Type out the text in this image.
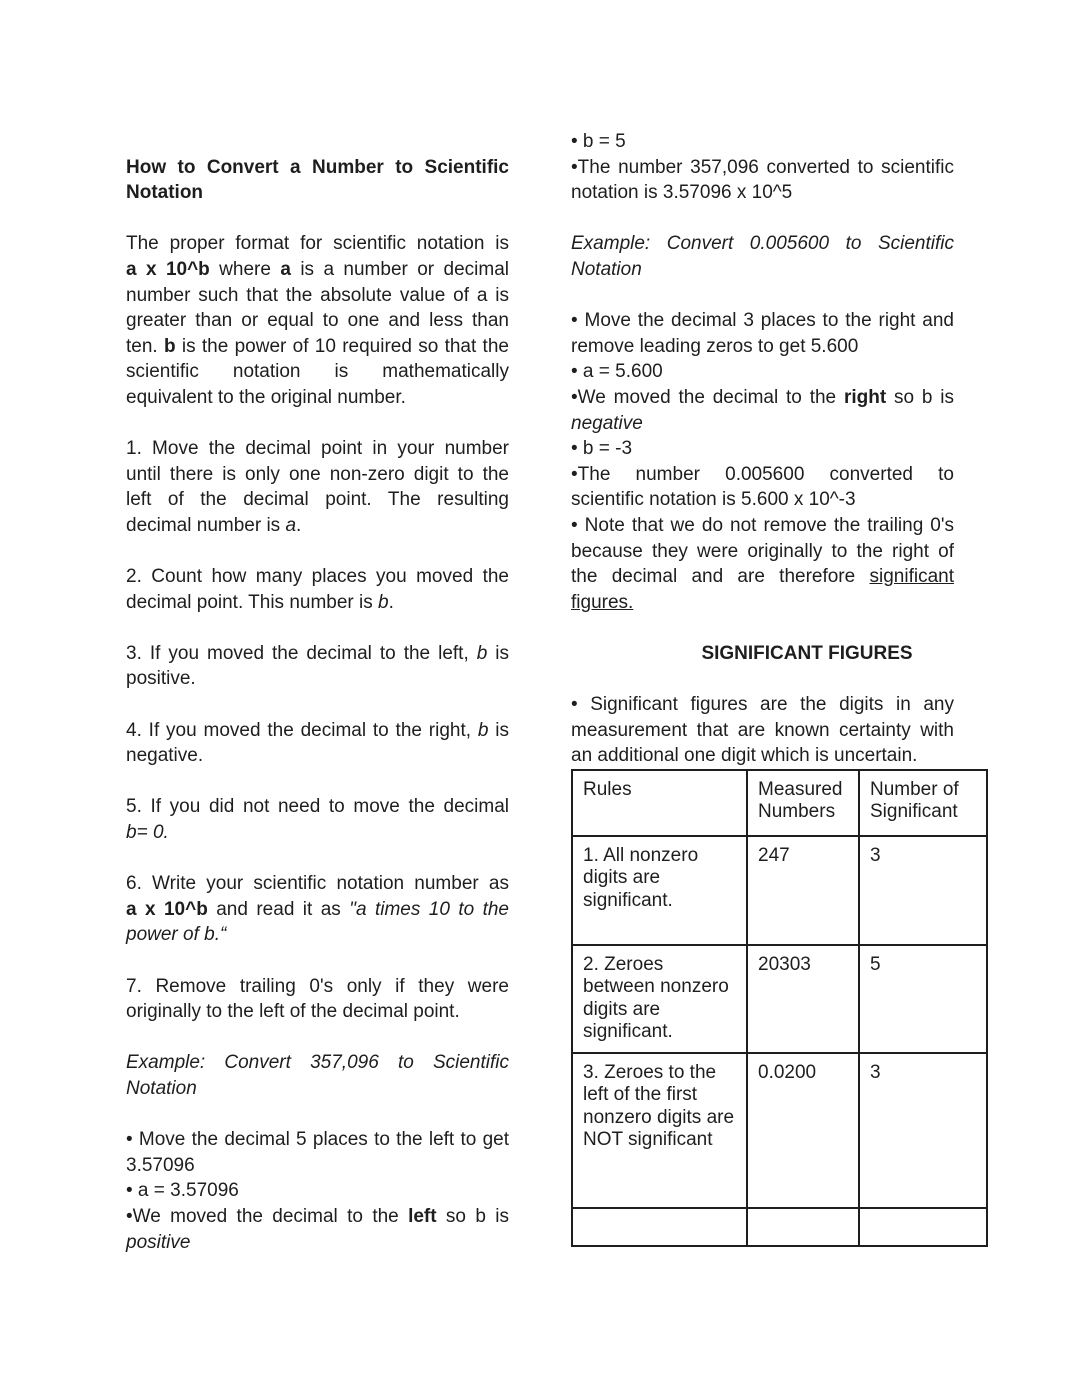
How to Convert a Number to Scientific
Notation
The proper format for scientific notation is
a x 10^b where a is a number or decimal
number such that the absolute value of a is
greater than or equal to one and less than
ten. b is the power of 10 required so that the
scientific notation is mathematically
equivalent to the original number.
1. Move the decimal point in your number
until there is only one non-zero digit to the
left of the decimal point. The resulting
decimal number is a.
2. Count how many places you moved the
decimal point. This number is b.
3. If you moved the decimal to the left, b is
positive.
4. If you moved the decimal to the right, b is
negative.
5. If you did not need to move the decimal
b= 0.
6. Write your scientific notation number as
a x 10^b and read it as "a times 10 to the
power of b.“
7. Remove trailing 0's only if they were
originally to the left of the decimal point.
Example: Convert 357,096 to Scientific
Notation
• Move the decimal 5 places to the left to get
3.57096
• a = 3.57096
•We moved the decimal to the left so b is
positive
• b = 5
•The number 357,096 converted to scientific
notation is 3.57096 x 10^5
Example: Convert 0.005600 to Scientific
Notation
• Move the decimal 3 places to the right and
remove leading zeros to get 5.600
• a = 5.600
•We moved the decimal to the right so b is
negative
• b = -3
•The number 0.005600 converted to
scientific notation is 5.600 x 10^-3
• Note that we do not remove the trailing 0's
because they were originally to the right of
the decimal and are therefore significant
figures.
SIGNIFICANT FIGURES
• Significant figures are the digits in any
measurement that are known certainty with
an additional one digit which is uncertain.
Rules	Measured Numbers	Number of Significant
1. All nonzero digits are significant.	247	3
2. Zeroes between nonzero digits are significant.	20303	5
3. Zeroes to the left of the first nonzero digits are NOT significant	0.0200	3
